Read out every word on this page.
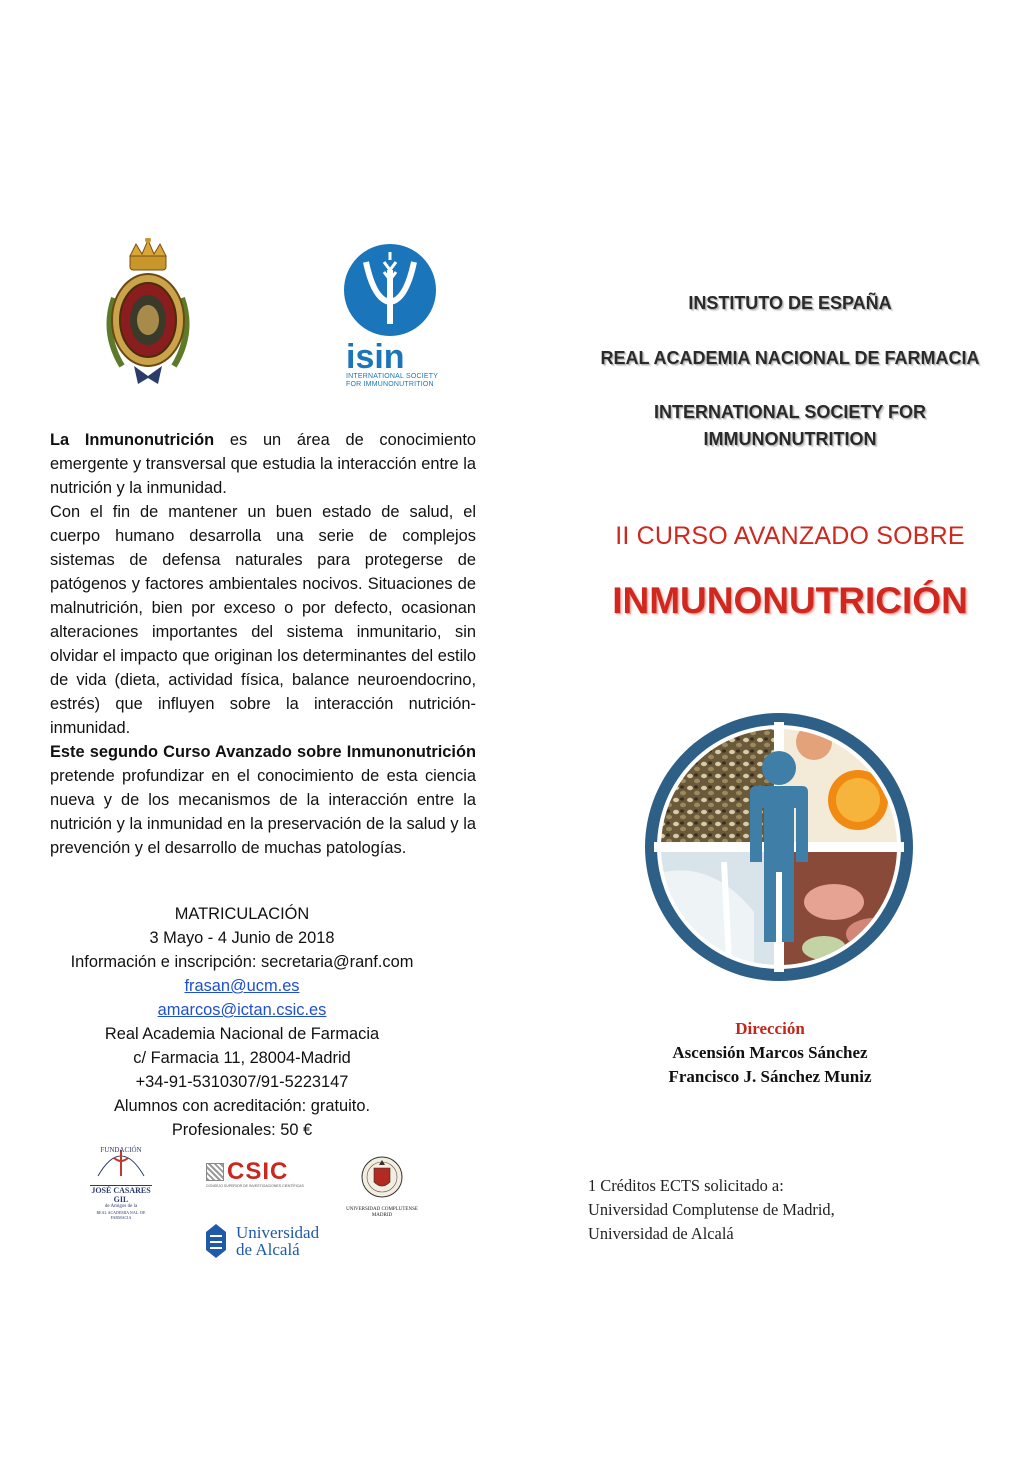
isin
INTERNATIONAL SOCIETY
FOR IMMUNONUTRITION

La Inmunonutrición es un área de conocimiento emergente y transversal que estudia la interacción entre la nutrición y la inmunidad.

Con el fin de mantener un buen estado de salud, el cuerpo humano desarrolla una serie de complejos sistemas de defensa naturales para protegerse de patógenos y factores ambientales nocivos. Situaciones de malnutrición, bien por exceso o por defecto, ocasionan alteraciones importantes del sistema inmunitario, sin olvidar el impacto que originan los determinantes del estilo de vida (dieta, actividad física, balance neuroendocrino, estrés) que influyen sobre la interacción nutrición-inmunidad.

Este segundo Curso Avanzado sobre Inmunonutrición pretende profundizar en el conocimiento de esta ciencia nueva y de los mecanismos de la interacción entre la nutrición y la inmunidad en la preservación de la salud y la prevención y el desarrollo de muchas patologías.

MATRICULACIÓN
3 Mayo - 4 Junio de 2018
Información e inscripción: secretaria@ranf.com
frasan@ucm.es
amarcos@ictan.csic.es
Real Academia Nacional de Farmacia
c/ Farmacia 11, 28004-Madrid
+34-91-5310307/91-5223147
Alumnos con acreditación: gratuito.
Profesionales: 50 €
FUNDACIÓN
JOSÉ CASARES GIL
de Amigos de la
REAL ACADEMIA NAL. DE FARMACIA
CSIC
CONSEJO SUPERIOR DE INVESTIGACIONES CIENTÍFICAS
UNIVERSIDAD COMPLUTENSE
MADRID
Universidad
de Alcalá
INSTITUTO DE ESPAÑA
REAL ACADEMIA NACIONAL DE FARMACIA
INTERNATIONAL SOCIETY FOR
IMMUNONUTRITION
II CURSO AVANZADO SOBRE
INMUNONUTRICIÓN
Dirección
Ascensión Marcos Sánchez
Francisco J. Sánchez Muniz
1 Créditos ECTS solicitado a:
Universidad Complutense de Madrid,
Universidad de Alcalá
